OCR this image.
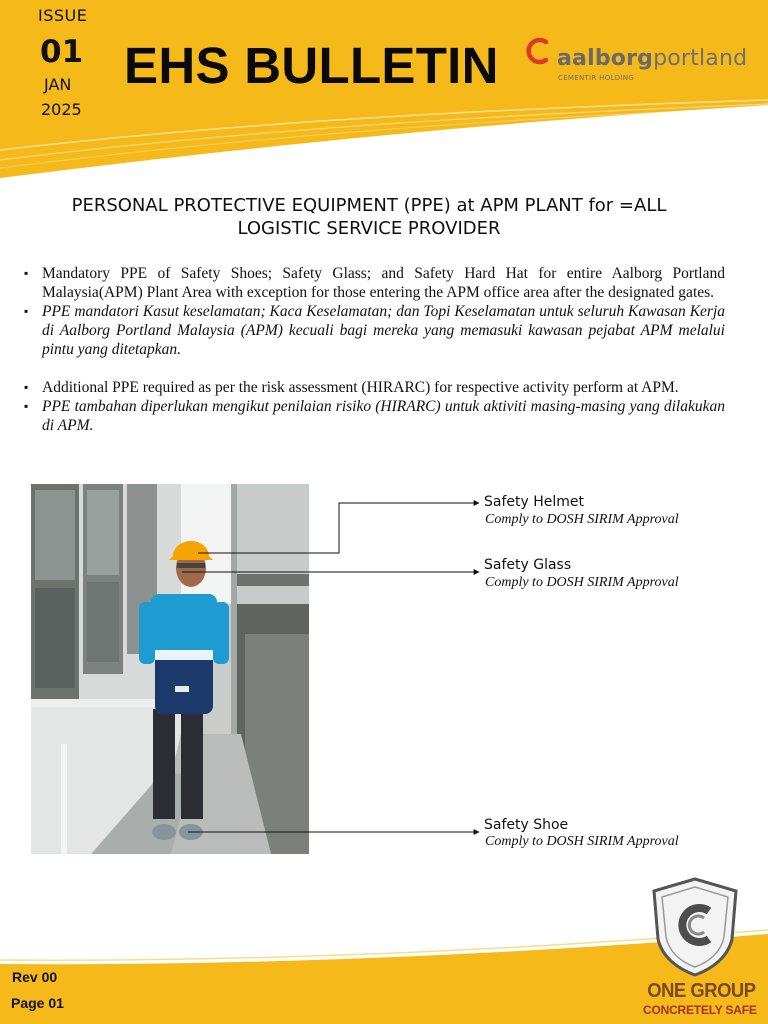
ISSUE
01
JAN
2025
EHS BULLETIN	aalborgportland
CEMENTIR HOLDING
PERSONAL PROTECTIVE EQUIPMENT (PPE) at APM PLANT for =ALL LOGISTIC SERVICE PROVIDER
▪ Mandatory PPE of Safety Shoes; Safety Glass; and Safety Hard Hat for entire Aalborg Portland Malaysia(APM) Plant Area with exception for those entering the APM office area after the designated gates.
▪ PPE mandatori Kasut keselamatan; Kaca Keselamatan; dan Topi Keselamatan untuk seluruh Kawasan Kerja di Aalborg Portland Malaysia (APM) kecuali bagi mereka yang memasuki kawasan pejabat APM melalui pintu yang ditetapkan.
▪ Additional PPE required as per the risk assessment (HIRARC) for respective activity perform at APM.
▪ PPE tambahan diperlukan mengikut penilaian risiko (HIRARC) untuk aktiviti masing-masing yang dilakukan di APM.
Safety Helmet
Comply to DOSH SIRIM Approval
Safety Glass
Comply to DOSH SIRIM Approval
Safety Shoe
Comply to DOSH SIRIM Approval
Rev 00
Page 01
ONE GROUP
CONCRETELY SAFE
